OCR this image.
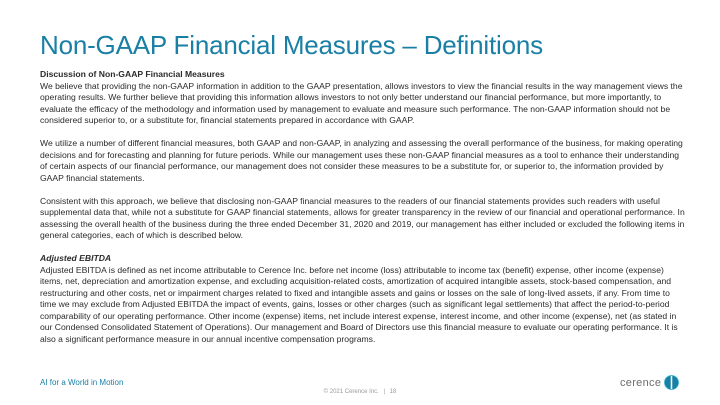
Non-GAAP Financial Measures – Definitions

Discussion of Non-GAAP Financial Measures

We believe that providing the non-GAAP information in addition to the GAAP presentation, allows investors to view the financial results in the way management views the operating results. We further believe that providing this information allows investors to not only better understand our financial performance, but more importantly, to evaluate the efficacy of the methodology and information used by management to evaluate and measure such performance. The non-GAAP information should not be considered superior to, or a substitute for, financial statements prepared in accordance with GAAP.

We utilize a number of different financial measures, both GAAP and non-GAAP, in analyzing and assessing the overall performance of the business, for making operating decisions and for forecasting and planning for future periods. While our management uses these non-GAAP financial measures as a tool to enhance their understanding of certain aspects of our financial performance, our management does not consider these measures to be a substitute for, or superior to, the information provided by GAAP financial statements.

Consistent with this approach, we believe that disclosing non-GAAP financial measures to the readers of our financial statements provides such readers with useful supplemental data that, while not a substitute for GAAP financial statements, allows for greater transparency in the review of our financial and operational performance. In assessing the overall health of the business during the three ended December 31, 2020 and 2019, our management has either included or excluded the following items in general categories, each of which is described below.

Adjusted EBITDA

Adjusted EBITDA is defined as net income attributable to Cerence Inc. before net income (loss) attributable to income tax (benefit) expense, other income (expense) items, net, depreciation and amortization expense, and excluding acquisition-related costs, amortization of acquired intangible assets, stock-based compensation, and restructuring and other costs, net or impairment charges related to fixed and intangible assets and gains or losses on the sale of long-lived assets, if any. From time to time we may exclude from Adjusted EBITDA the impact of events, gains, losses or other charges (such as significant legal settlements) that affect the period-to-period comparability of our operating performance. Other income (expense) items, net include interest expense, interest income, and other income (expense), net (as stated in our Condensed Consolidated Statement of Operations). Our management and Board of Directors use this financial measure to evaluate our operating performance. It is also a significant performance measure in our annual incentive compensation programs.

AI for a World in Motion
© 2021 Cerence Inc. | 18
cerence
